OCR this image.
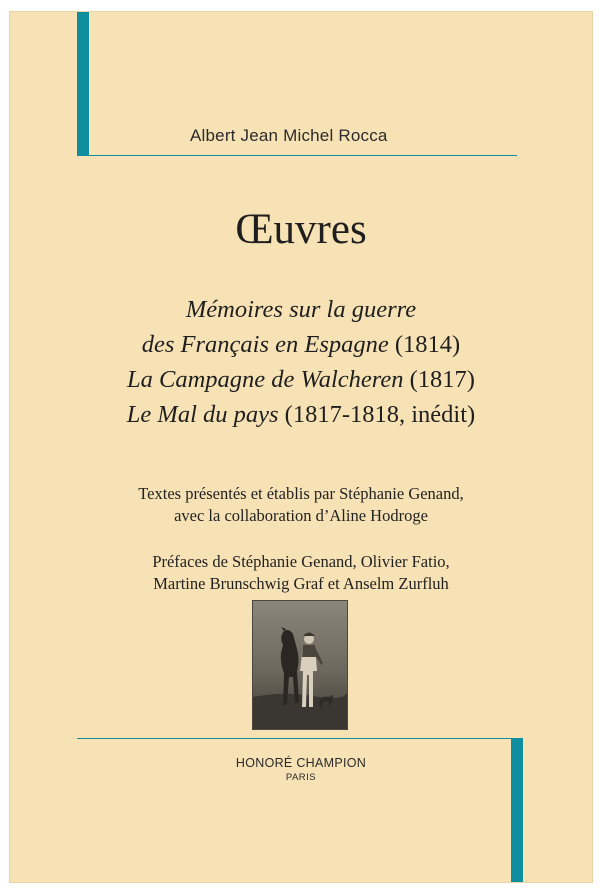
Albert Jean Michel Rocca
Œuvres
Mémoires sur la guerre
des Français en Espagne (1814)
La Campagne de Walcheren (1817)
Le Mal du pays (1817-1818, inédit)
Textes présentés et établis par Stéphanie Genand,
avec la collaboration d’Aline Hodroge
Préfaces de Stéphanie Genand, Olivier Fatio,
Martine Brunschwig Graf et Anselm Zurfluh
HONORÉ CHAMPION
PARIS
